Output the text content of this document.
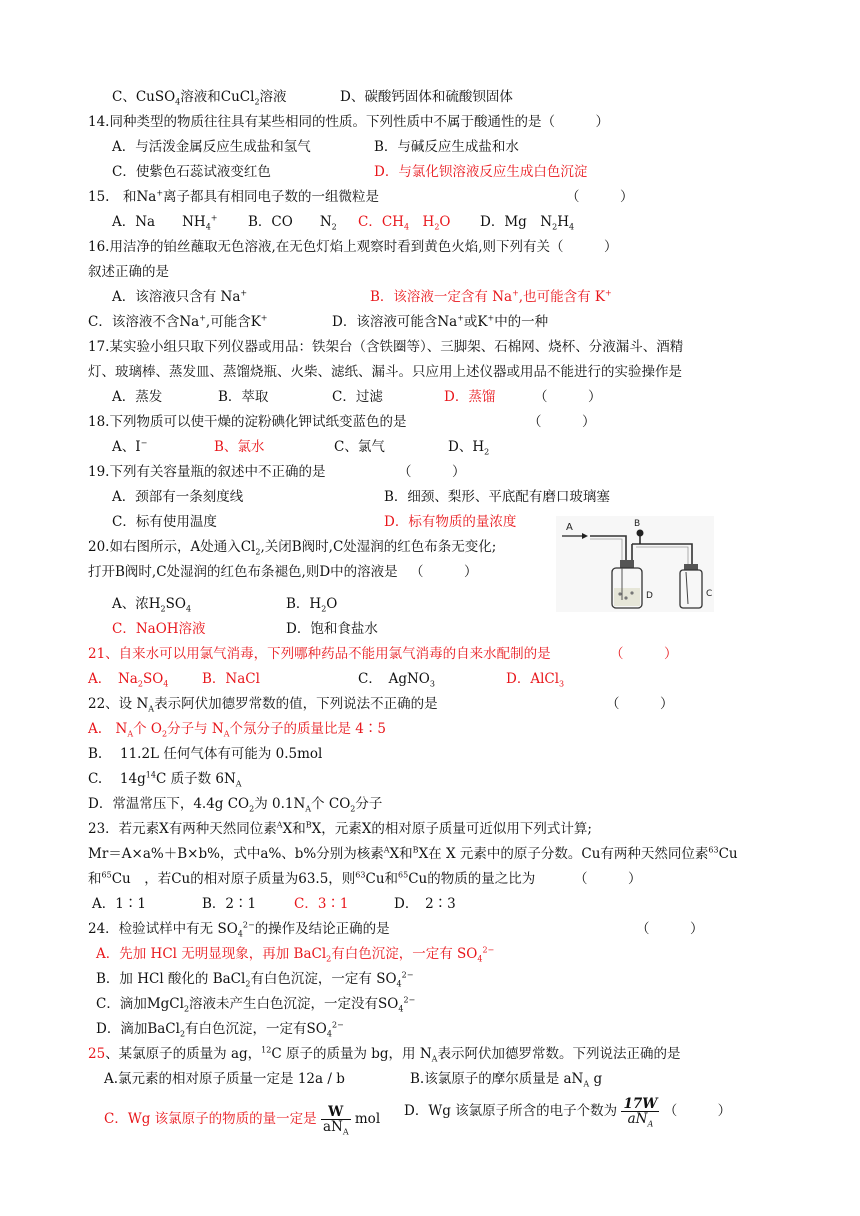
C、CuSO$_4$溶液和CuCl$_2$溶液	D、碳酸钙固体和硫酸钡固体
14.同种类型的物质往往具有某些相同的性质。下列性质中不属于酸通性的是（　　　）
A．与活泼金属反应生成盐和氢气	B．与碱反应生成盐和水
C．使紫色石蕊试液变红色	D．与氯化钡溶液反应生成白色沉淀
15.　和Na+离子都具有相同电子数的一组微粒是	（　　　）
A．Na　　$NH_4^+$ B．CO　　$N_2$ C．$CH_4$　$H_2O$ D．Mg　$N_2H_4$
16.用洁净的铂丝蘸取无色溶液,在无色灯焰上观察时看到黄色火焰,则下列有关（　　　）
叙述正确的是
A．该溶液只含有 Na+	B．该溶液一定含有 Na+,也可能含有 K+
C．该溶液不含Na+,可能含K+	D．该溶液可能含Na+或K+中的一种
17.某实验小组只取下列仪器或用品：铁架台（含铁圈等）、三脚架、石棉网、烧杯、分液漏斗、酒精
灯、玻璃棒、蒸发皿、蒸馏烧瓶、火柴、滤纸、漏斗。只应用上述仪器或用品不能进行的实验操作是
A．蒸发	B．萃取	C．过滤	D．蒸馏	（　　　）
18.下列物质可以使干燥的淀粉碘化钾试纸变蓝色的是	（　　　）
A、I−	B、氯水	C、氯气	D、$H_2$
19.下列有关容量瓶的叙述中不正确的是	（　　　）
A．颈部有一条刻度线	B．细颈、梨形、平底配有磨口玻璃塞
C．标有使用温度	D．标有物质的量浓度
20.如右图所示，A处通入$Cl_2$,关闭B阀时,C处湿润的红色布条无变化;
打开B阀时,C处湿润的红色布条褪色,则D中的溶液是 （　　　）
A、浓$H_2SO_4$	B．$H_2O$
C．NaOH溶液	D．饱和食盐水
A	B
D	C
21、自来水可以用氯气消毒，下列哪种药品不能用氯气消毒的自来水配制的是	（　　　）
A．　$Na_2SO_4$ B．NaCl	C．　AgNO$_3$	D．AlCl$_3$
22、设 $N_A$表示阿伏加德罗常数的值，下列说法不正确的是	（　　　）
A.　$N_A$个 $O_2$分子与 $N_A$个氖分子的质量比是 4∶5
B.　 11.2L 任何气体有可能为 0.5mol
C.　 $14g^{14}C$ 质子数 $6N_A$
D．常温常压下，4.4g $CO_2$为 $0.1N_A$个 $CO_2$分子
23．若元素X有两种天然同位素$^A$X和$^B$X，元素X的相对原子质量可近似用下列式计算;
Mr＝A×a%＋B×b%，式中a%、b%分别为核素$^A$X和$^B$X在 X 元素中的原子分数。Cu有两种天然同位素$^{63}$Cu
和$^{65}$Cu　，若Cu的相对原子质量为63.5，则$^{63}$Cu和$^{65}$Cu的物质的量之比为	（　　　）
A．1∶1	B．2∶1	C．3∶1	D．　2∶3
24．检验试样中有无 $SO_4^{2-}$的操作及结论正确的是	（　　　）
A．先加 HCl 无明显现象，再加 BaCl$_2$有白色沉淀，一定有 $SO_4^{2-}$
B．加 HCl 酸化的 BaCl$_2$有白色沉淀，一定有 $SO_4^{2-}$
C．滴加MgCl$_2$溶液未产生白色沉淀，一定没有$SO_4^{2-}$
D．滴加BaCl$_2$有白色沉淀，一定有$SO_4^{2-}$
25、某氯原子的质量为 ag，$^{12}$C 原子的质量为 bg，用 $N_A$表示阿伏加德罗常数。下列说法正确的是
A.氯元素的相对原子质量一定是 12a / b	B.该氯原子的摩尔质量是 $aN_A$ g
C．Wg 该氯原子的物质的量一定是 $\frac{W}{aN_A}$ mol D．Wg 该氯原子所含的电子个数为 $\frac{17W}{aN_A}$ （　　　）
